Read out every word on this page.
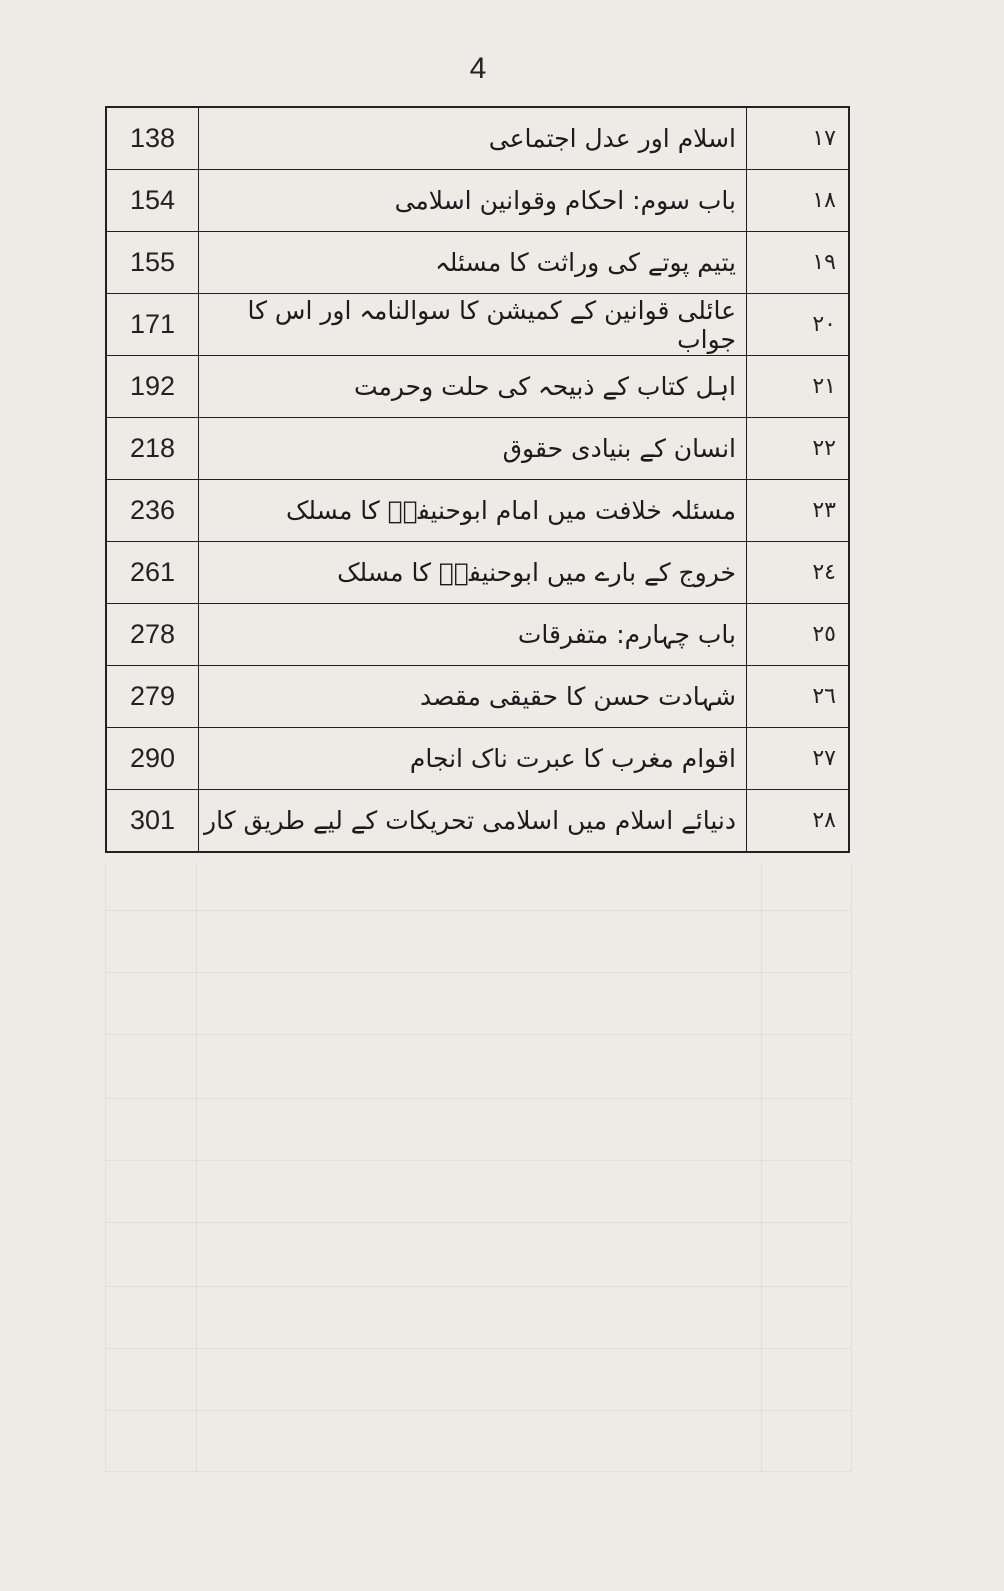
4
138	اسلام اور عدل اجتماعی	١٧
154	باب سوم: احکام وقوانین اسلامی	١٨
155	یتیم پوتے کی وراثت کا مسئلہ	١٩
171	عائلی قوانین کے کمیشن کا سوالنامہ اور اس کا جواب	٢٠
192	اہل کتاب کے ذبیحہ کی حلت وحرمت	٢١
218	انسان کے بنیادی حقوق	٢٢
236	مسئلہ خلافت میں امام ابوحنیفہؒ کا مسلک	٢٣
261	خروج کے بارے میں ابوحنیفہؒ کا مسلک	٢٤
278	باب چہارم: متفرقات	٢٥
279	شہادت حسن کا حقیقی مقصد	٢٦
290	اقوام مغرب کا عبرت ناک انجام	٢٧
301	دنیائے اسلام میں اسلامی تحریکات کے لیے طریق کار	٢٨
